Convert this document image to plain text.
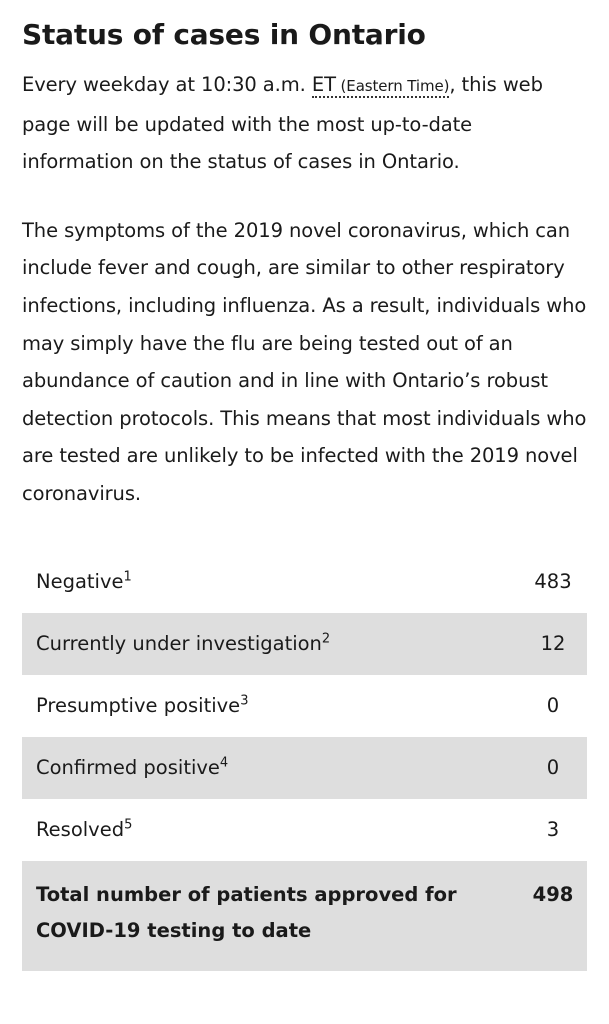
Status of cases in Ontario

Every weekday at 10:30 a.m. ET (Eastern Time), this web page will be updated with the most up-to-date information on the status of cases in Ontario.

The symptoms of the 2019 novel coronavirus, which can include fever and cough, are similar to other respiratory infections, including influenza. As a result, individuals who may simply have the flu are being tested out of an abundance of caution and in line with Ontario’s robust detection protocols. This means that most individuals who are tested are unlikely to be infected with the 2019 novel coronavirus.

Negative$^1$	483
Currently under investigation$^2$	12
Presumptive positive$^3$	0
Confirmed positive$^4$	0
Resolved$^5$	3
Total number of patients approved for COVID-19 testing to date	498
